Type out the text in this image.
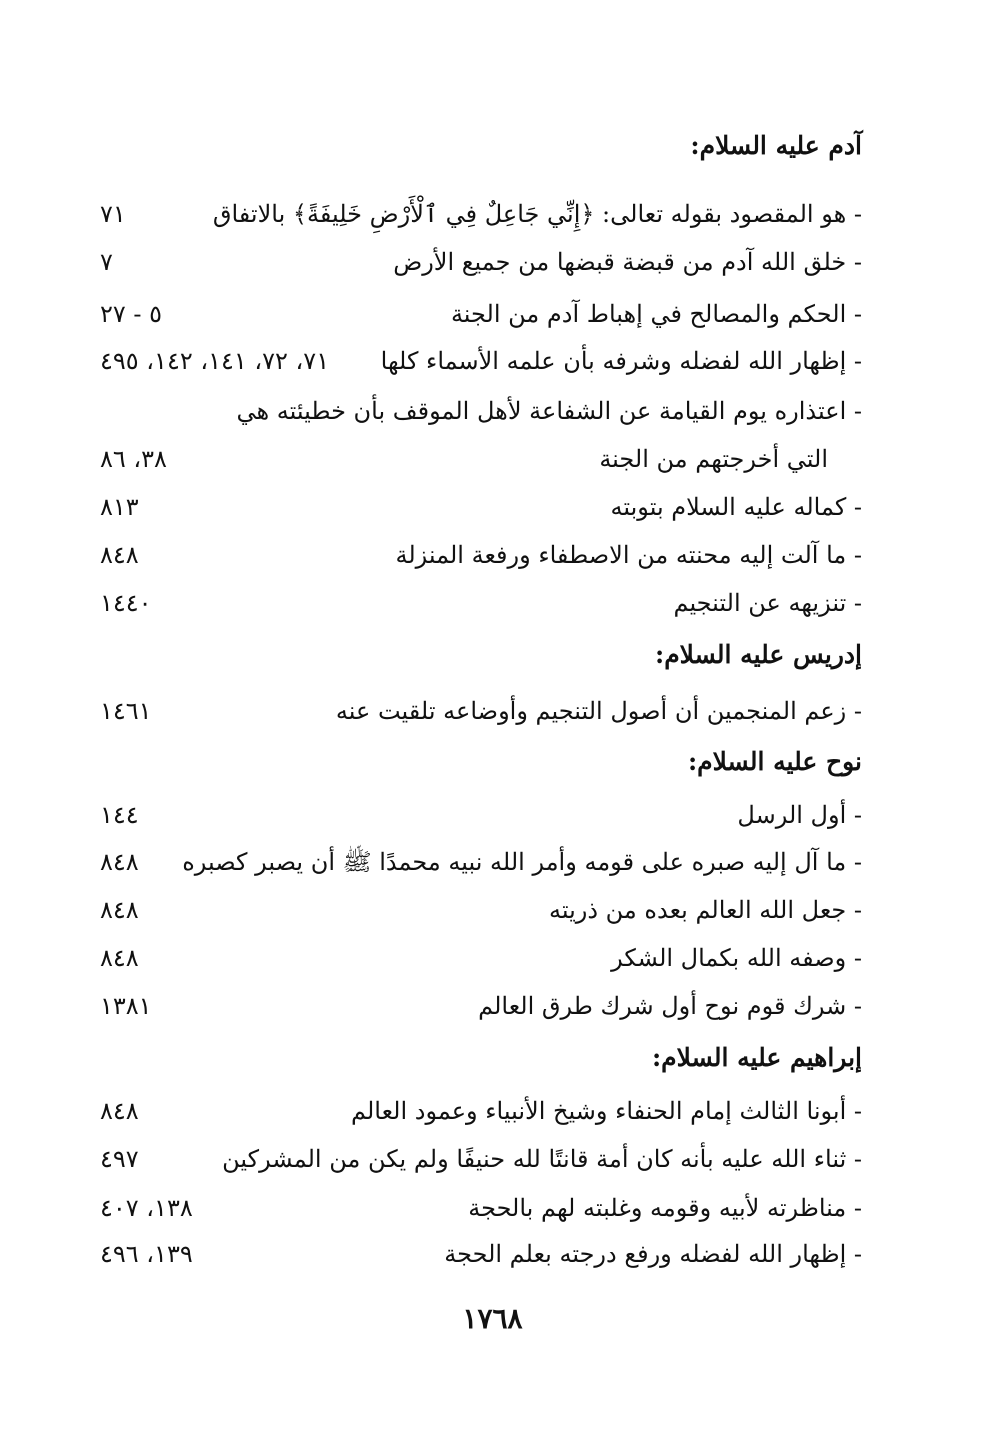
آدم عليه السلام:
- هو المقصود بقوله تعالى: ﴿إِنِّي جَاعِلٌ فِي ٱلْأَرْضِ خَلِيفَةً﴾ بالاتفاق
٧١
- خلق الله آدم من قبضة قبضها من جميع الأرض
٧
- الحكم والمصالح في إهباط آدم من الجنة
٥ - ٢٧
- إظهار الله لفضله وشرفه بأن علمه الأسماء كلها
٧١، ٧٢، ١٤١، ١٤٢، ٤٩٥
- اعتذاره يوم القيامة عن الشفاعة لأهل الموقف بأن خطيئته هي
التي أخرجتهم من الجنة
٣٨، ٨٦
- كماله عليه السلام بتوبته
٨١٣
- ما آلت إليه محنته من الاصطفاء ورفعة المنزلة
٨٤٨
- تنزيهه عن التنجيم
١٤٤٠
إدريس عليه السلام:
- زعم المنجمين أن أصول التنجيم وأوضاعه تلقيت عنه
١٤٦١
نوح عليه السلام:
- أول الرسل
١٤٤
- ما آل إليه صبره على قومه وأمر الله نبيه محمدًا ﷺ أن يصبر كصبره
٨٤٨
- جعل الله العالم بعده من ذريته
٨٤٨
- وصفه الله بكمال الشكر
٨٤٨
- شرك قوم نوح أول شرك طرق العالم
١٣٨١
إبراهيم عليه السلام:
- أبونا الثالث إمام الحنفاء وشيخ الأنبياء وعمود العالم
٨٤٨
- ثناء الله عليه بأنه كان أمة قانتًا لله حنيفًا ولم يكن من المشركين
٤٩٧
- مناظرته لأبيه وقومه وغلبته لهم بالحجة
١٣٨، ٤٠٧
- إظهار الله لفضله ورفع درجته بعلم الحجة
١٣٩، ٤٩٦
١٧٦٨
